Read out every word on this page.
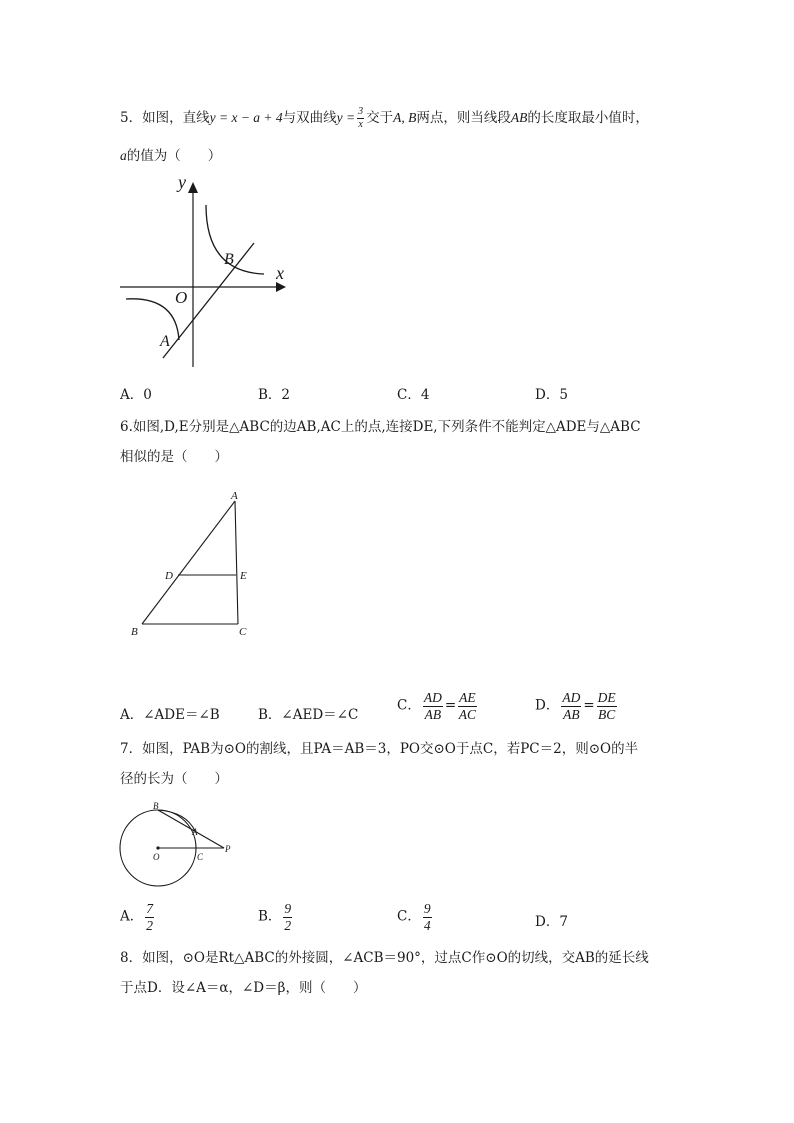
5．如图，直线y = x − a + 4与双曲线$y = \frac{3}{x}$ 交于A, B两点，则当线段AB的长度取最小值时，
a的值为（　　）
y
x
O
B
A
A．0	B．2	C．4	D．5
6.如图,D,E分别是△ABC的边AB,AC上的点,连接DE,下列条件不能判定△ADE与△ABC
相似的是（　　）
A
D	E
B	C
A．∠ADE＝∠B	B．∠AED＝∠C
C． $\frac{AD}{AB} = \frac{AE}{AC}$	D． $\frac{AD}{AB} = \frac{DE}{BC}$
7．如图，PAB为⊙O的割线，且PA＝AB＝3，PO交⊙O于点C，若PC＝2，则⊙O的半
径的长为（　　）
B
A
O	C
P
A． $\frac{7}{2}$	B． $\frac{9}{2}$	C． $\frac{9}{4}$	D．7
8．如图，⊙O是Rt△ABC的外接圆，∠ACB＝90°，过点C作⊙O的切线，交AB的延长线
于点D．设∠A＝α，∠D＝β，则（　　）
